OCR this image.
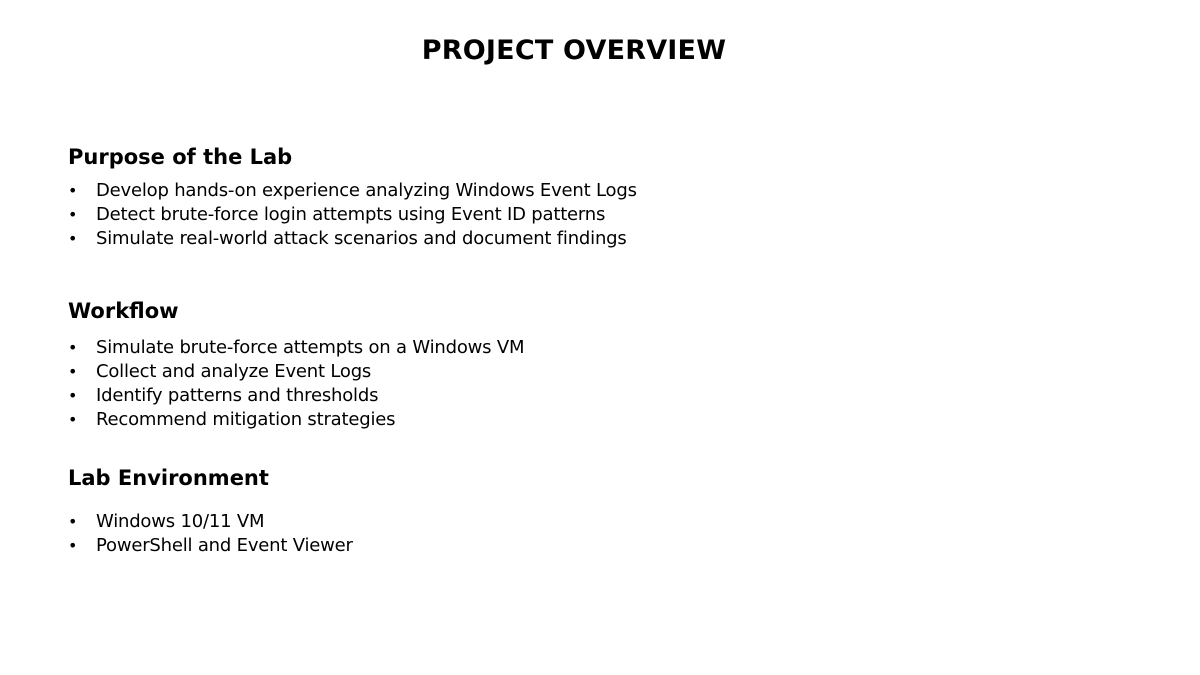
PROJECT OVERVIEW
Purpose of the Lab
• Develop hands-on experience analyzing Windows Event Logs
• Detect brute-force login attempts using Event ID patterns
• Simulate real-world attack scenarios and document findings
Workflow
• Simulate brute-force attempts on a Windows VM
• Collect and analyze Event Logs
• Identify patterns and thresholds
• Recommend mitigation strategies
Lab Environment
• Windows 10/11 VM
• PowerShell and Event Viewer
